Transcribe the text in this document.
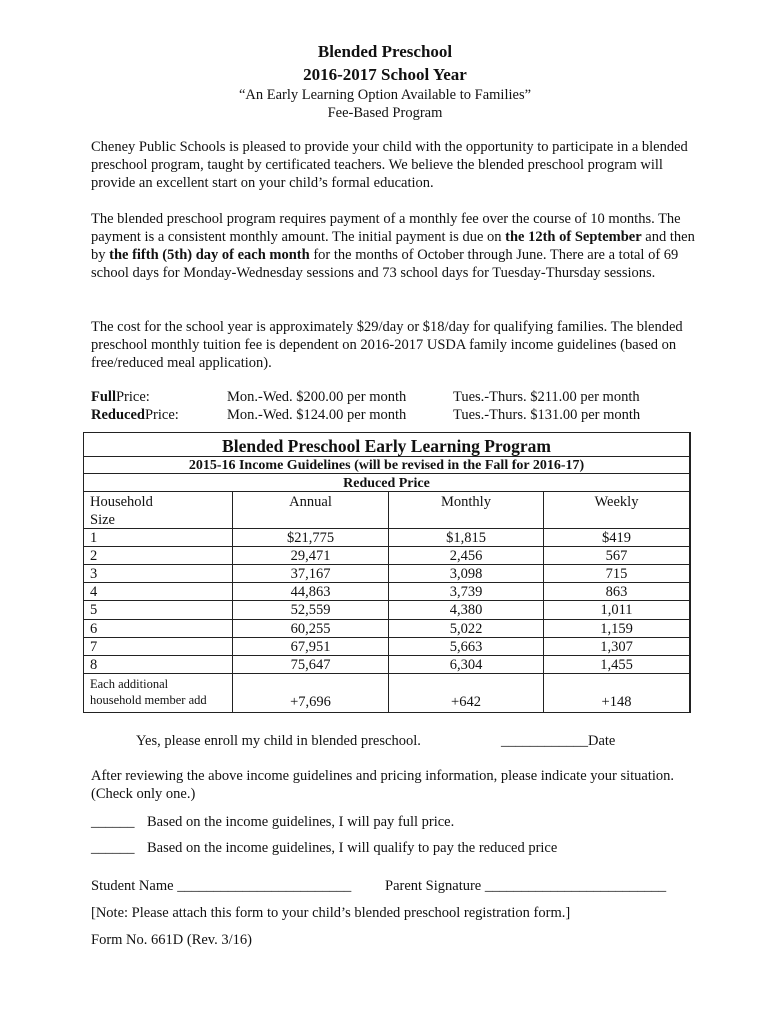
Blended Preschool
2016-2017 School Year
“An Early Learning Option Available to Families”
Fee-Based Program
Cheney Public Schools is pleased to provide your child with the opportunity to participate in a blended preschool program, taught by certificated teachers. We believe the blended preschool program will provide an excellent start on your child’s formal education.
The blended preschool program requires payment of a monthly fee over the course of 10 months. The payment is a consistent monthly amount. The initial payment is due on the 12th of September and then by the fifth (5th) day of each month for the months of October through June. There are a total of 69 school days for Monday-Wednesday sessions and 73 school days for Tuesday-Thursday sessions.
The cost for the school year is approximately $29/day or $18/day for qualifying families. The blended preschool monthly tuition fee is dependent on 2016-2017 USDA family income guidelines (based on free/reduced meal application).
Full Price:	Mon.-Wed. $200.00 per month	Tues.-Thurs. $211.00 per month
Reduced Price:	Mon.-Wed. $124.00 per month	Tues.-Thurs. $131.00 per month
Blended Preschool Early Learning Program
2015-16 Income Guidelines (will be revised in the Fall for 2016-17)
Reduced Price
Household
Size
Annual	Monthly	Weekly
1	$21,775	$1,815	$419
2	29,471	2,456	567
3	37,167	3,098	715
4	44,863	3,739	863
5	52,559	4,380	1,011
6	60,255	5,022	1,159
7	67,951	5,663	1,307
8	75,647	6,304	1,455
Each additional
household member add	+7,696	+642	+148
Yes, please enroll my child in blended preschool.	____________Date
After reviewing the above income guidelines and pricing information, please indicate your situation. (Check only one.)
______ Based on the income guidelines, I will pay full price.
______ Based on the income guidelines, I will qualify to pay the reduced price
Student Name ________________________ Parent Signature _________________________
[Note: Please attach this form to your child’s blended preschool registration form.]
Form No. 661D (Rev. 3/16)
